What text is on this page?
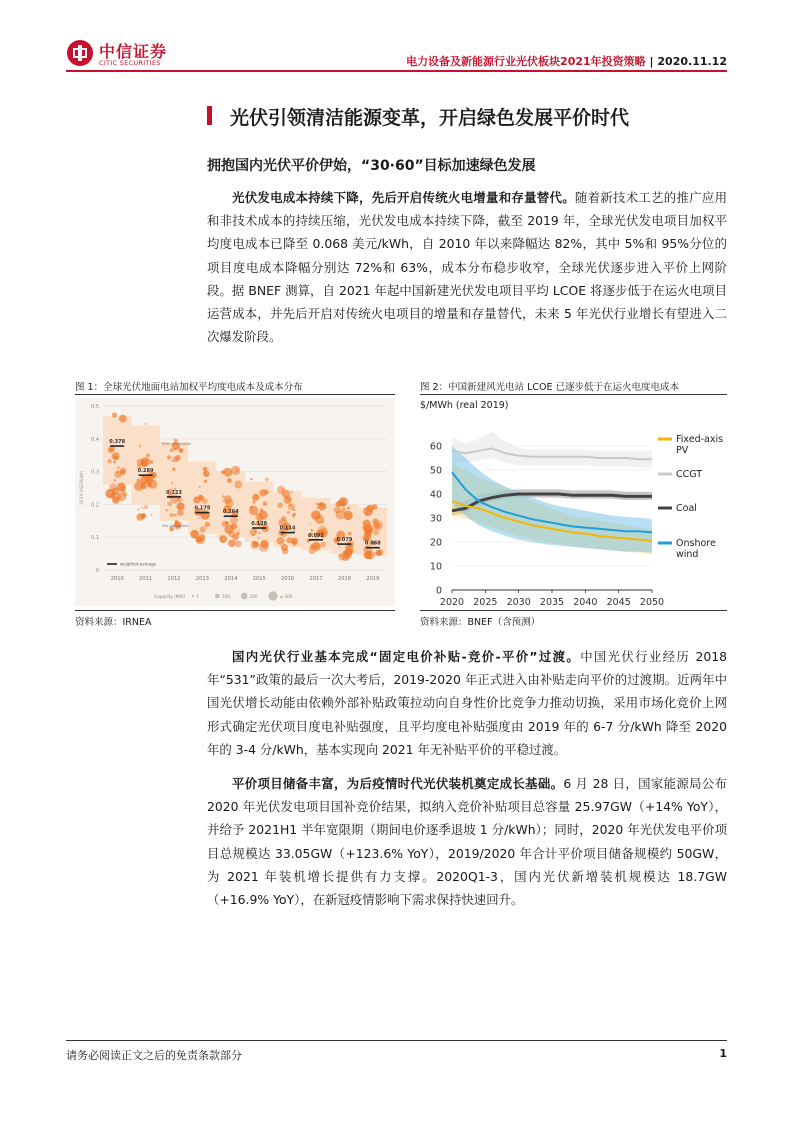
中信证券
CITIC SECURITIES	电力设备及新能源行业光伏板块2021年投资策略 | 2020.11.12
光伏引领清洁能源变革，开启绿色发展平价时代
拥抱国内光伏平价伊始，“30·60”目标加速绿色发展
光伏发电成本持续下降，先后开启传统火电增量和存量替代。随着新技术工艺的推广应用和非技术成本的持续压缩，光伏发电成本持续下降，截至 2019 年，全球光伏发电项目加权平均度电成本已降至 0.068 美元/kWh，自 2010 年以来降幅达 82%，其中 5%和 95%分位的项目度电成本降幅分别达 72%和 63%，成本分布稳步收窄，全球光伏逐步进入平价上网阶段。据 BNEF 测算，自 2021 年起中国新建光伏发电项目平均 LCOE 将逐步低于在运火电项目运营成本，并先后开启对传统火电项目的增量和存量替代，未来 5 年光伏行业增长有望进入二次爆发阶段。
图 1：全球光伏地面电站加权平均度电成本及成本分布
0
0.1
0.2
0.3
0.4
0.5
2019 USD/kWh
0.378
0.289
0.223
0.175
0.164
0.128
0.114
0.092
0.079
0.068
90th percentile
5th percentile
weighted average
2010	2011	2012	2013	2014	2015	2016	2017	2018	2019
Capacity (MW)	1	100	200	≥ 300
资料来源：IRNEA
图 2：中国新建风光电站 LCOE 已逐步低于在运火电度电成本
$/MWh (real 2019)
0
10
20
30
40
50
60
2020 2025 2030 2035 2040 2045 2050
Fixed-axis
PV
CCGT
Coal
Onshore
wind
资料来源：BNEF（含预测）
国内光伏行业基本完成“固定电价补贴-竞价-平价”过渡。中国光伏行业经历 2018 年“531”政策的最后一次大考后，2019-2020 年正式进入由补贴走向平价的过渡期。近两年中国光伏增长动能由依赖外部补贴政策拉动向自身性价比竞争力推动切换，采用市场化竞价上网形式确定光伏项目度电补贴强度，且平均度电补贴强度由 2019 年的 6-7 分/kWh 降至 2020 年的 3-4 分/kWh，基本实现向 2021 年无补贴平价的平稳过渡。
平价项目储备丰富，为后疫情时代光伏装机奠定成长基础。6 月 28 日，国家能源局公布 2020 年光伏发电项目国补竞价结果，拟纳入竞价补贴项目总容量 25.97GW（+14% YoY），并给予 2021H1 半年宽限期（期间电价逐季退坡 1 分/kWh）；同时，2020 年光伏发电平价项目总规模达 33.05GW（+123.6% YoY），2019/2020 年合计平价项目储备规模约 50GW，为 2021 年装机增长提供有力支撑。2020Q1-3，国内光伏新增装机规模达 18.7GW（+16.9% YoY），在新冠疫情影响下需求保持快速回升。
请务必阅读正文之后的免责条款部分	1
